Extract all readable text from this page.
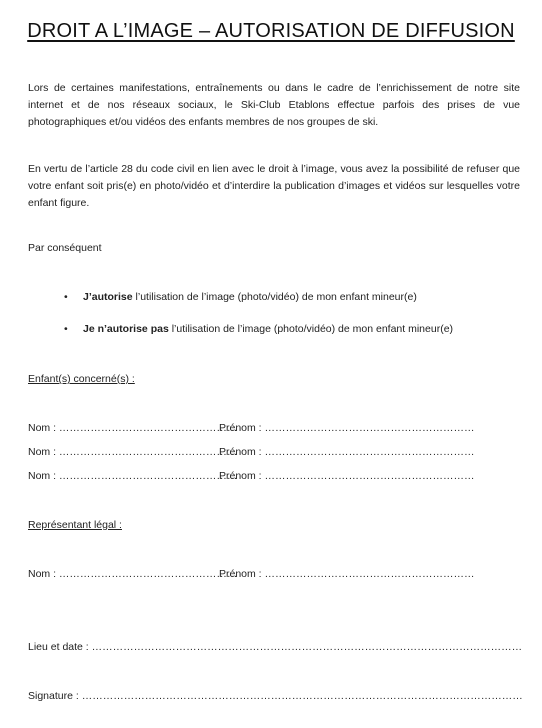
DROIT A L’IMAGE – AUTORISATION DE DIFFUSION
Lors de certaines manifestations, entraînements ou dans le cadre de l’enrichissement de notre site internet et de nos réseaux sociaux, le Ski-Club Etablons effectue parfois des prises de vue photographiques et/ou vidéos des enfants membres de nos groupes de ski.
En vertu de l’article 28 du code civil en lien avec le droit à l’image, vous avez la possibilité de refuser que votre enfant soit pris(e) en photo/vidéo et d’interdire la publication d’images et vidéos sur lesquelles votre enfant figure.
Par conséquent
• J’autorise l’utilisation de l’image (photo/vidéo) de mon enfant mineur(e)
• Je n’autorise pas l’utilisation de l’image (photo/vidéo) de mon enfant mineur(e)
Enfant(s) concerné(s) :
Nom : ……………………………………………
Prénom : ……………………………………………………
Nom : ……………………………………………
Prénom : ……………………………………………………
Nom : ……………………………………………
Prénom : ……………………………………………………
Représentant légal :
Nom : ……………………………………………
Prénom : ……………………………………………………
Lieu et date : ……………………………………………………………………………………………………………
Signature : ………………………………………………………………………………………………………………
